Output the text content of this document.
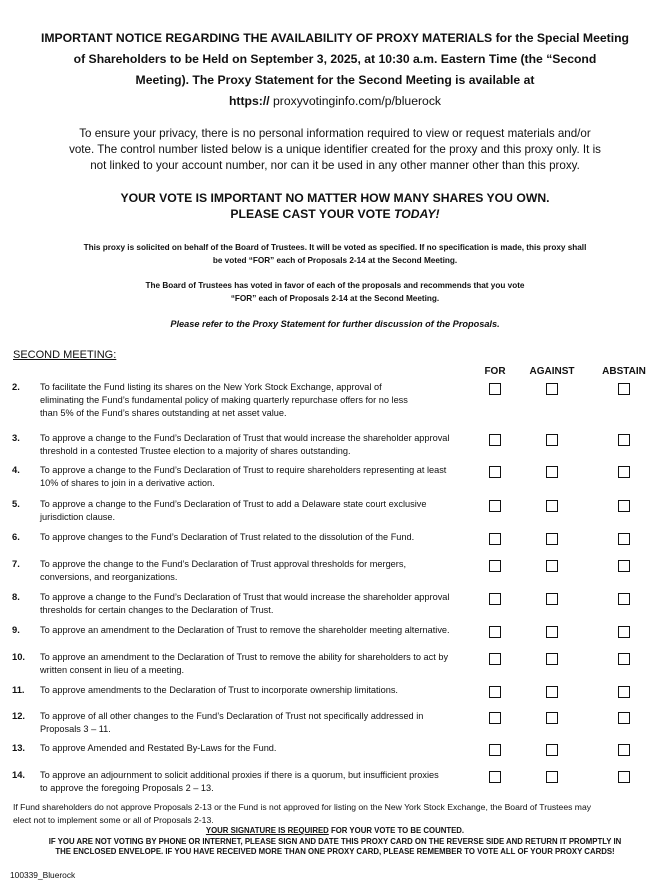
IMPORTANT NOTICE REGARDING THE AVAILABILITY OF PROXY MATERIALS for the Special Meeting
of Shareholders to be Held on September 3, 2025, at 10:30 a.m. Eastern Time (the “Second
Meeting). The Proxy Statement for the Second Meeting is available at
https:// proxyvotinginfo.com/p/bluerock
To ensure your privacy, there is no personal information required to view or request materials and/or
vote. The control number listed below is a unique identifier created for the proxy and this proxy only. It is
not linked to your account number, nor can it be used in any other manner other than this proxy.
YOUR VOTE IS IMPORTANT NO MATTER HOW MANY SHARES YOU OWN.
PLEASE CAST YOUR VOTE TODAY!
This proxy is solicited on behalf of the Board of Trustees. It will be voted as specified. If no specification is made, this proxy shall
be voted “FOR” each of Proposals 2-14 at the Second Meeting.
The Board of Trustees has voted in favor of each of the proposals and recommends that you vote
“FOR” each of Proposals 2-14 at the Second Meeting.
Please refer to the Proxy Statement for further discussion of the Proposals.
SECOND MEETING:
FOR	AGAINST	ABSTAIN
2.	To facilitate the Fund listing its shares on the New York Stock Exchange, approval of
eliminating the Fund’s fundamental policy of making quarterly repurchase offers for no less
than 5% of the Fund’s shares outstanding at net asset value.
3.	To approve a change to the Fund’s Declaration of Trust that would increase the shareholder approval
threshold in a contested Trustee election to a majority of shares outstanding.
4.	To approve a change to the Fund’s Declaration of Trust to require shareholders representing at least
10% of shares to join in a derivative action.
5.	To approve a change to the Fund’s Declaration of Trust to add a Delaware state court exclusive
jurisdiction clause.
6.	To approve changes to the Fund’s Declaration of Trust related to the dissolution of the Fund.
7.	To approve the change to the Fund’s Declaration of Trust approval thresholds for mergers,
conversions, and reorganizations.
8.	To approve a change to the Fund’s Declaration of Trust that would increase the shareholder approval
thresholds for certain changes to the Declaration of Trust.
9.	To approve an amendment to the Declaration of Trust to remove the shareholder meeting alternative.
10.	To approve an amendment to the Declaration of Trust to remove the ability for shareholders to act by
written consent in lieu of a meeting.
11.	To approve amendments to the Declaration of Trust to incorporate ownership limitations.
12.	To approve of all other changes to the Fund’s Declaration of Trust not specifically addressed in
Proposals 3 – 11.
13.	To approve Amended and Restated By-Laws for the Fund.
14.	To approve an adjournment to solicit additional proxies if there is a quorum, but insufficient proxies
to approve the foregoing Proposals 2 – 13.
If Fund shareholders do not approve Proposals 2-13 or the Fund is not approved for listing on the New York Stock Exchange, the Board of Trustees may
elect not to implement some or all of Proposals 2-13.
YOUR SIGNATURE IS REQUIRED FOR YOUR VOTE TO BE COUNTED.
IF YOU ARE NOT VOTING BY PHONE OR INTERNET, PLEASE SIGN AND DATE THIS PROXY CARD ON THE REVERSE SIDE AND RETURN IT PROMPTLY IN
THE ENCLOSED ENVELOPE. IF YOU HAVE RECEIVED MORE THAN ONE PROXY CARD, PLEASE REMEMBER TO VOTE ALL OF YOUR PROXY CARDS!
100339_Bluerock
